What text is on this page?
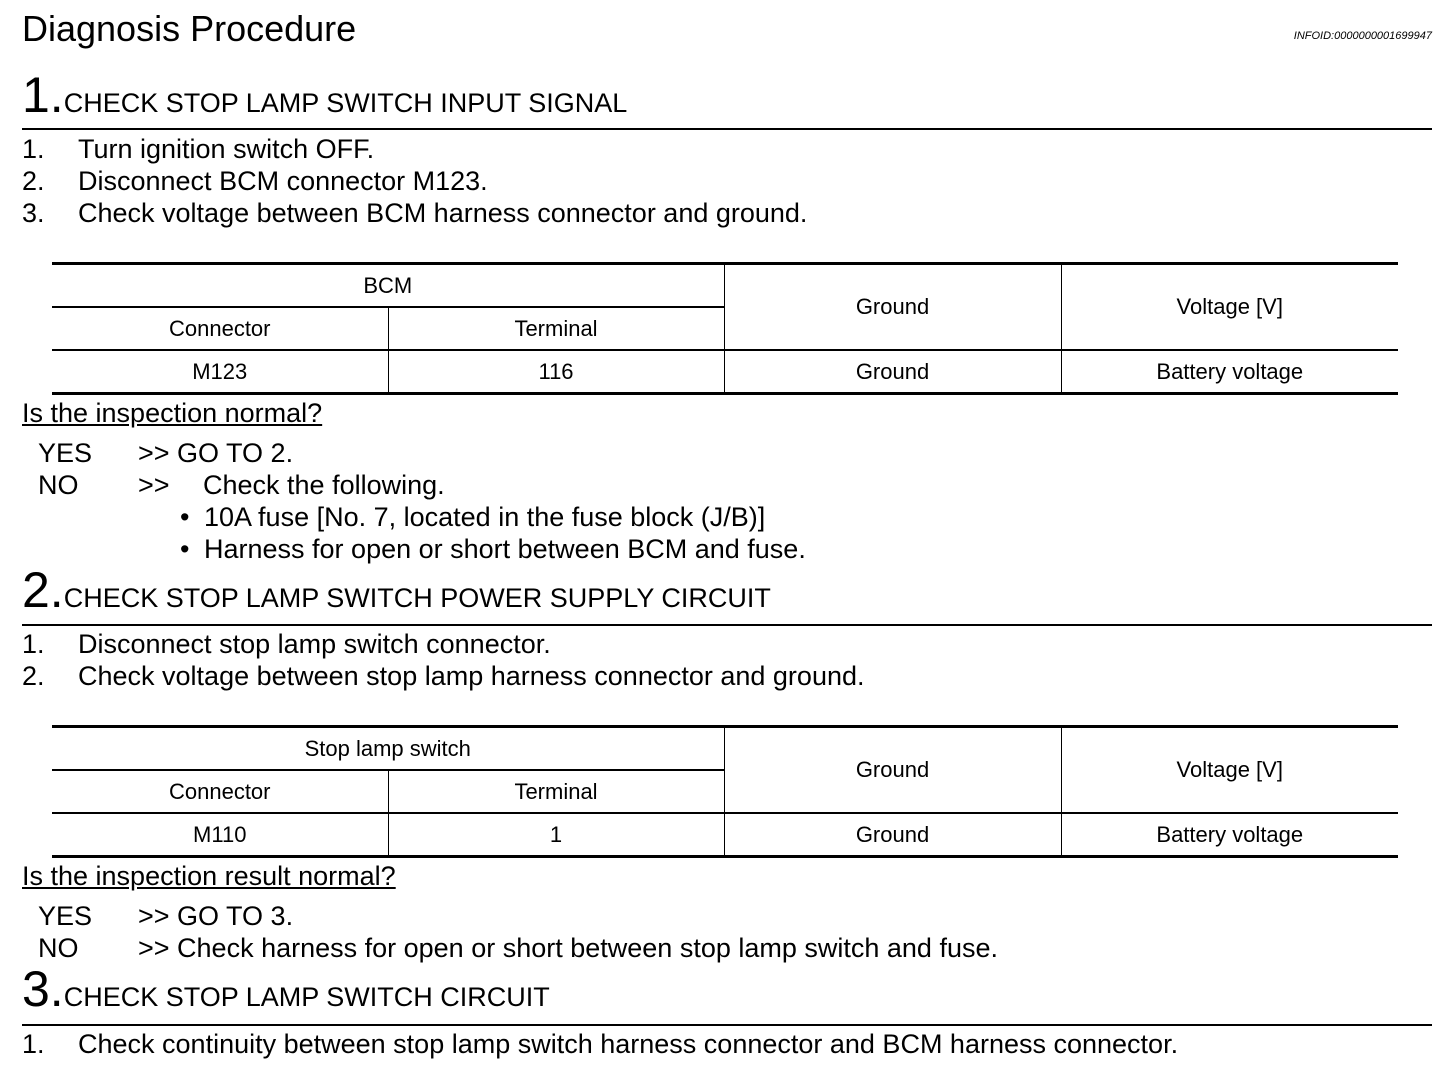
Diagnosis Procedure	INFOID:0000000001699947
1.CHECK STOP LAMP SWITCH INPUT SIGNAL
1. Turn ignition switch OFF.
2. Disconnect BCM connector M123.
3. Check voltage between BCM harness connector and ground.
BCM		Ground	Voltage [V]
Connector	Terminal		
M123	116	Ground	Battery voltage
Is the inspection normal?
YES >> GO TO 2.
NO >> Check the following.
• 10A fuse [No. 7, located in the fuse block (J/B)]
• Harness for open or short between BCM and fuse.
2.CHECK STOP LAMP SWITCH POWER SUPPLY CIRCUIT
1. Disconnect stop lamp switch connector.
2. Check voltage between stop lamp harness connector and ground.
Stop lamp switch		Ground	Voltage [V]
Connector	Terminal		
M110	1	Ground	Battery voltage
Is the inspection result normal?
YES >> GO TO 3.
NO >> Check harness for open or short between stop lamp switch and fuse.
3.CHECK STOP LAMP SWITCH CIRCUIT
1. Check continuity between stop lamp switch harness connector and BCM harness connector.
